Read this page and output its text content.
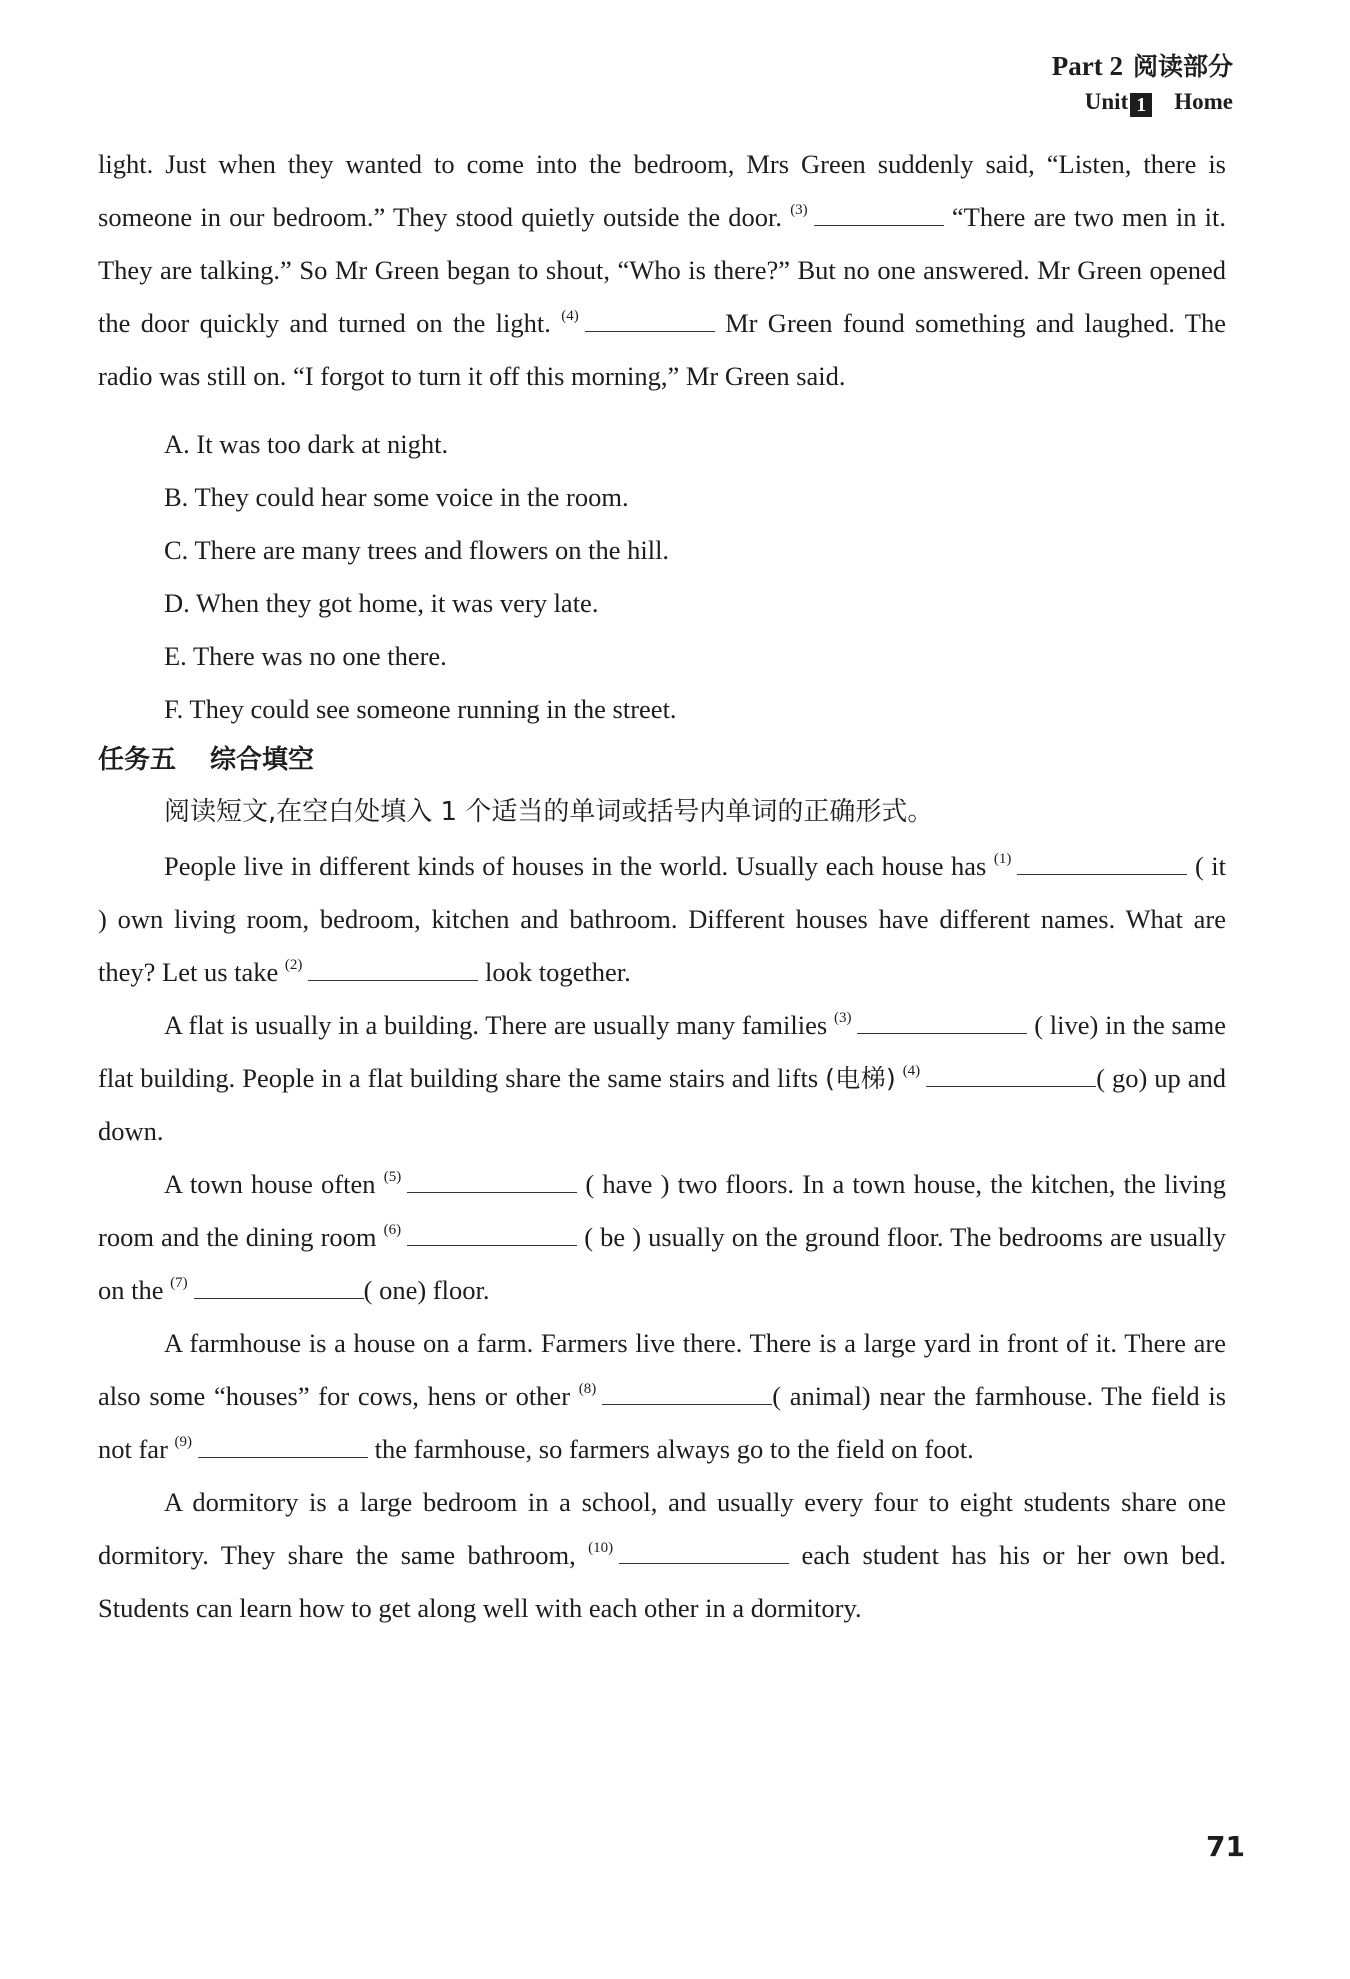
Part 2 阅读部分
Unit 1 Home

light. Just when they wanted to come into the bedroom, Mrs Green suddenly said, “Listen, there is someone in our bedroom.” They stood quietly outside the door. $^{(3)}$	“There are two men in it. They are talking.” So Mr Green began to shout, “Who is there?” But no one answered. Mr Green opened the door quickly and turned on the light. $^{(4)}$	Mr Green found something and laughed. The radio was still on. “I forgot to turn it off this morning,” Mr Green said.

A. It was too dark at night.
B. They could hear some voice in the room.
C. There are many trees and flowers on the hill.
D. When they got home, it was very late.
E. There was no one there.
F. They could see someone running in the street.
任务五 综合填空
阅读短文,在空白处填入 1 个适当的单词或括号内单词的正确形式。

People live in different kinds of houses in the world. Usually each house has $^{(1)}$	( it ) own living room, bedroom, kitchen and bathroom. Different houses have different names. What are they? Let us take $^{(2)}$	look together.

A flat is usually in a building. There are usually many families $^{(3)}$	( live) in the same flat building. People in a flat building share the same stairs and lifts (电梯) $^{(4)}$	( go) up and down.

A town house often $^{(5)}$	( have ) two floors. In a town house, the kitchen, the living room and the dining room $^{(6)}$	( be ) usually on the ground floor. The bedrooms are usually on the $^{(7)}$	( one) floor.

A farmhouse is a house on a farm. Farmers live there. There is a large yard in front of it. There are also some “houses” for cows, hens or other $^{(8)}$	( animal) near the farmhouse. The field is not far $^{(9)}$	the farmhouse, so farmers always go to the field on foot.

A dormitory is a large bedroom in a school, and usually every four to eight students share one dormitory. They share the same bathroom, $^{(10)}$	each student has his or her own bed. Students can learn how to get along well with each other in a dormitory.

71
